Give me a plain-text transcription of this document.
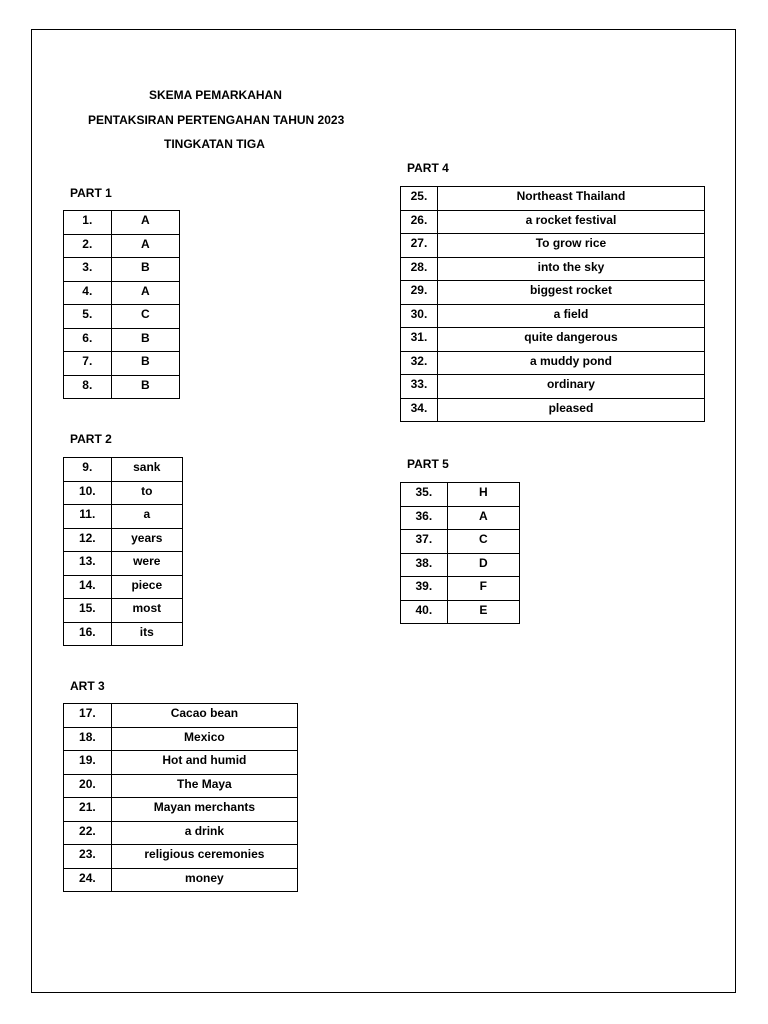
SKEMA PEMARKAHAN
PENTAKSIRAN PERTENGAHAN TAHUN 2023
TINGKATAN TIGA
PART 1
1.	A
2.	A
3.	B
4.	A
5.	C
6.	B
7.	B
8.	B
PART 2
9.	sank
10.	to
11.	a
12.	years
13.	were
14.	piece
15.	most
16.	its
ART 3
17.	Cacao bean
18.	Mexico
19.	Hot and humid
20.	The Maya
21.	Mayan merchants
22.	a drink
23.	religious ceremonies
24.	money
PART 4
25.	Northeast Thailand
26.	a rocket festival
27.	To grow rice
28.	into the sky
29.	biggest rocket
30.	a field
31.	quite dangerous
32.	a muddy pond
33.	ordinary
34.	pleased
PART 5
35.	H
36.	A
37.	C
38.	D
39.	F
40.	E
